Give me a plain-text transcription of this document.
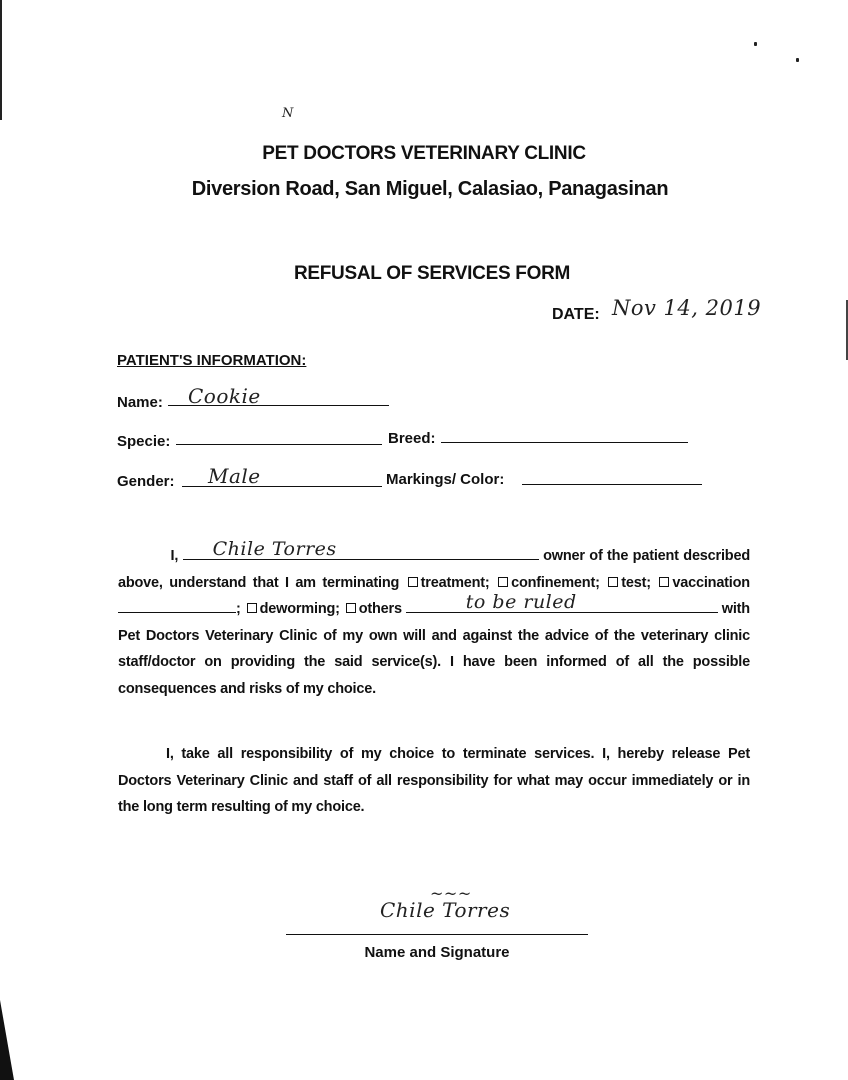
N
PET DOCTORS VETERINARY CLINIC
Diversion Road, San Miguel, Calasiao, Panagasinan
REFUSAL OF SERVICES FORM
DATE: Nov 14, 2019
PATIENT'S INFORMATION:
Name: Cookie
Specie:	Breed:
Gender: Male	Markings/ Color:

I, Chile Torres	owner of the patient described above, understand that I am terminating treatment; confinement; test; vaccination ; deworming; others	to be ruled	with Pet Doctors Veterinary Clinic of my own will and against the advice of the veterinary clinic staff/doctor on providing the said service(s). I have been informed of all the possible consequences and risks of my choice.

I, take all responsibility of my choice to terminate services. I, hereby release Pet Doctors Veterinary Clinic and staff of all responsibility for what may occur immediately or in the long term resulting of my choice.

~~~
Chile Torres
Name and Signature
